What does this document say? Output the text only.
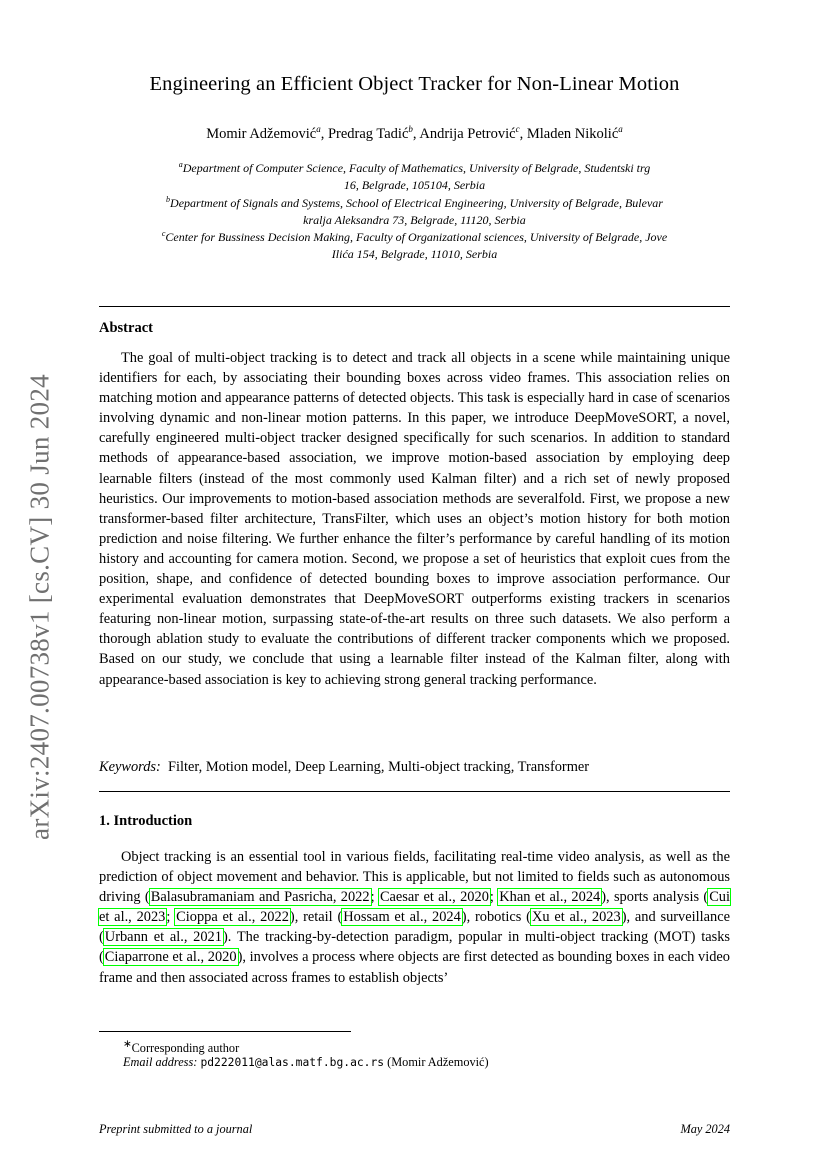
arXiv:2407.00738v1 [cs.CV] 30 Jun 2024
Engineering an Efficient Object Tracker for Non-Linear Motion
Momir Adžemović$^a$, Predrag Tadić$^b$, Andrija Petrović$^c$, Mladen Nikolić$^a$
$^a$Department of Computer Science, Faculty of Mathematics, University of Belgrade, Studentski trg
16, Belgrade, 105104, Serbia
$^b$Department of Signals and Systems, School of Electrical Engineering, University of Belgrade, Bulevar
kralja Aleksandra 73, Belgrade, 11120, Serbia
$^c$Center for Bussiness Decision Making, Faculty of Organizational sciences, University of Belgrade, Jove
Ilića 154, Belgrade, 11010, Serbia
Abstract
The goal of multi-object tracking is to detect and track all objects in a scene while maintaining unique identifiers for each, by associating their bounding boxes across video frames. This association relies on matching motion and appearance patterns of detected objects. This task is especially hard in case of scenarios involving dynamic and non-linear motion patterns. In this paper, we introduce DeepMoveSORT, a novel, carefully engineered multi-object tracker designed specifically for such scenarios. In addition to standard methods of appearance-based association, we improve motion-based association by employing deep learnable filters (instead of the most commonly used Kalman filter) and a rich set of newly proposed heuristics. Our improvements to motion-based association methods are severalfold. First, we propose a new transformer-based filter architecture, TransFilter, which uses an object’s motion history for both motion prediction and noise filtering. We further enhance the filter’s performance by careful handling of its motion history and accounting for camera motion. Second, we propose a set of heuristics that exploit cues from the position, shape, and confidence of detected bounding boxes to improve association performance. Our experimental evaluation demonstrates that DeepMoveSORT outperforms existing trackers in scenarios featuring non-linear motion, surpassing state-of-the-art results on three such datasets. We also perform a thorough ablation study to evaluate the contributions of different tracker components which we proposed. Based on our study, we conclude that using a learnable filter instead of the Kalman filter, along with appearance-based association is key to achieving strong general tracking performance.
Keywords: Filter, Motion model, Deep Learning, Multi-object tracking, Transformer
1. Introduction
Object tracking is an essential tool in various fields, facilitating real-time video analysis, as well as the prediction of object movement and behavior. This is applicable, but not limited to fields such as autonomous driving (Balasubramaniam and Pasricha, 2022; Caesar et al., 2020; Khan et al., 2024), sports analysis (Cui et al., 2023; Cioppa et al., 2022), retail (Hossam et al., 2024), robotics (Xu et al., 2023), and surveillance (Urbann et al., 2021). The tracking-by-detection paradigm, popular in multi-object tracking (MOT) tasks (Ciaparrone et al., 2020), involves a process where objects are first detected as bounding boxes in each video frame and then associated across frames to establish objects’
∗Corresponding author
Email address: pd222011@alas.matf.bg.ac.rs (Momir Adžemović)
Preprint submitted to a journal	May 2024
